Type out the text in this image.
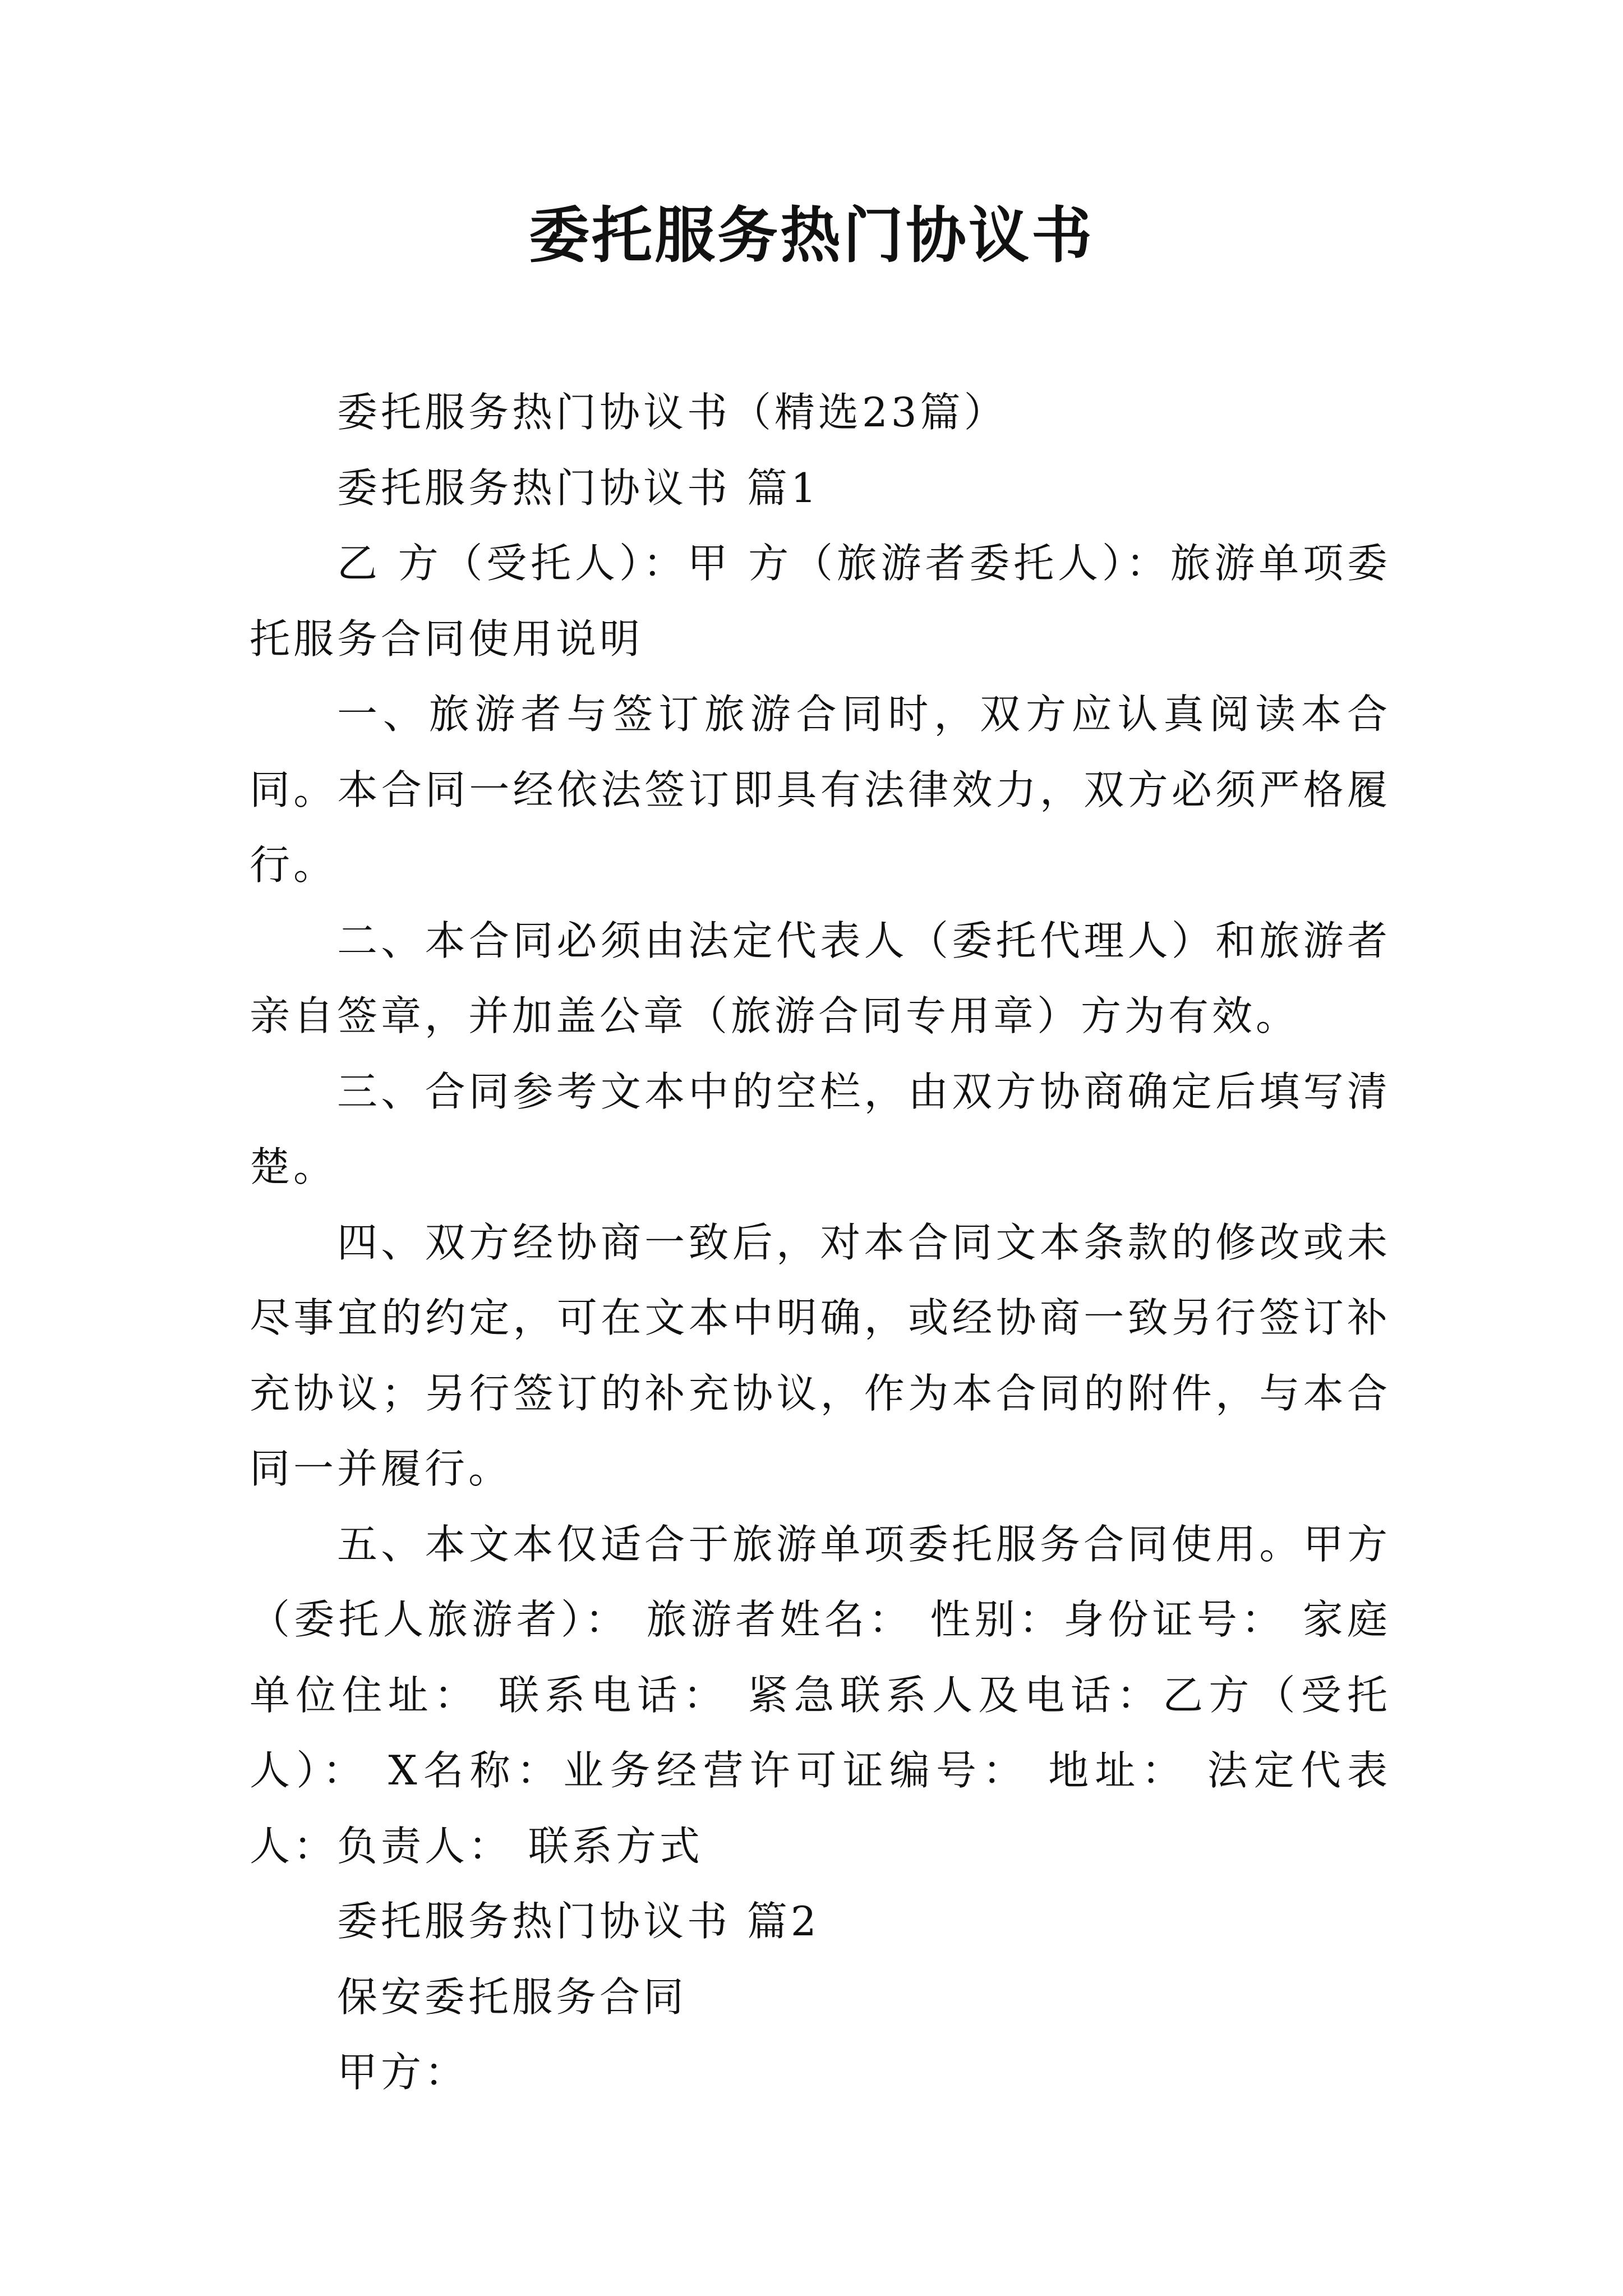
委托服务热门协议书

委托服务热门协议书（精选23篇）

委托服务热门协议书 篇1

乙 方（受托人）：甲 方（旅游者委托人）：旅游单项委托服务合同使用说明

一、旅游者与签订旅游合同时，双方应认真阅读本合同。本合同一经依法签订即具有法律效力，双方必须严格履行。

二、本合同必须由法定代表人（委托代理人）和旅游者亲自签章，并加盖公章（旅游合同专用章）方为有效。

三、合同参考文本中的空栏，由双方协商确定后填写清楚。

四、双方经协商一致后，对本合同文本条款的修改或未尽事宜的约定，可在文本中明确，或经协商一致另行签订补充协议；另行签订的补充协议，作为本合同的附件，与本合同一并履行。

五、本文本仅适合于旅游单项委托服务合同使用。甲方（委托人旅游者）： 旅游者姓名： 性别：身份证号： 家庭单位住址： 联系电话： 紧急联系人及电话：乙方（受托人）： X名称：业务经营许可证编号： 地址： 法定代表人：负责人： 联系方式

委托服务热门协议书 篇2

保安委托服务合同

甲方：
